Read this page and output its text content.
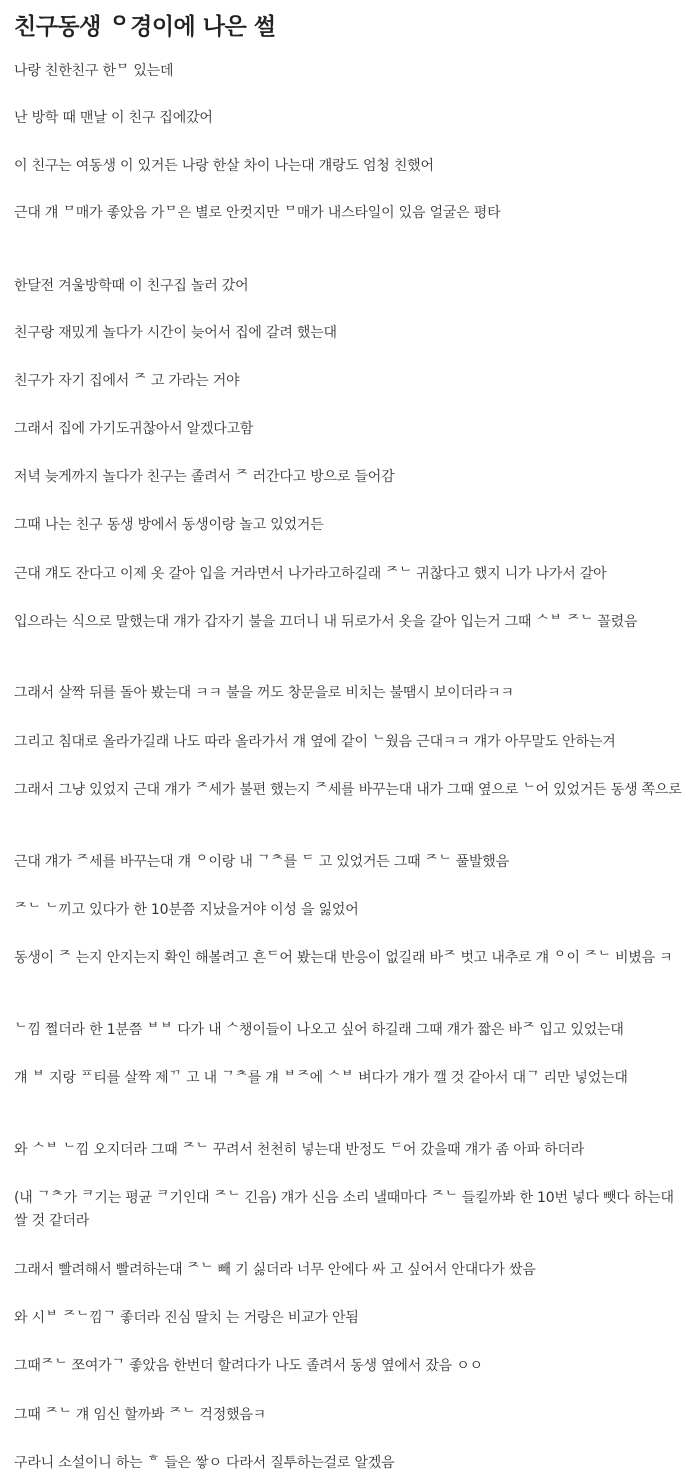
친구동생 ᄋᅠ경이에 나은 썰

나랑 친한친구 한ᄆ 있는데

난 방학 때 맨날 이 친구 집에갔어

이 친구는 여동생 이 있거든 나랑 한살 차이 나는대 걔랑도 엄청 친했어

근대 걔 ᄆ매가 좋았음 가ᄆ은 별로 안컷지만 ᄆ매가 내스타일이 있음 얼굴은 평타

한달전 겨울방학때 이 친구집 놀러 갔어

친구랑 재밌게 놀다가 시간이 늦어서 집에 갈려 했는대

친구가 자기 집에서 ᄌ 고 가라는 거야

그래서 집에 가기도귀찮아서 알겠다고함

저녁 늦게까지 놀다가 친구는 졸려서 ᄌ 러간다고 방으로 들어감

그때 나는 친구 동생 방에서 동생이랑 놀고 있었거든

근대 걔도 잔다고 이제 옷 갈아 입을 거라면서 나가라고하길래 ᄌᄂ 귀찮다고 했지 니가 나가서 갈아

입으라는 식으로 말했는대 걔가 갑자기 불을 끄더니 내 뒤로가서 옷을 갈아 입는거 그때 ᄉᄇ ᄌᄂ 꼴렸음

그래서 살짝 뒤를 돌아 봤는대 ㅋㅋ 불을 꺼도 창문을로 비치는 불땜시 보이더라ㅋㅋ

그리고 침대로 올라가길래 나도 따라 올라가서 걔 옆에 같이 ᄂ웠음 근대ㅋㅋ 걔가 아무말도 안하는겨

그래서 그냥 있었지 근대 걔가 ᄌ세가 불편 했는지 ᄌ세를 바꾸는대 내가 그때 옆으로 ᄂ어 있었거든 동생 쪽으로

근대 걔가 ᄌ세를 바꾸는대 걔 ᄋᅠ이랑 내 ᄀᄎ를 ᄃ 고 있었거든 그때 ᄌᄂ 풀발했음

ᄌᄂ ᄂ끼고 있다가 한 10분쯤 지났을거야 이성 을 잃었어

동생이 ᄌ 는지 안지는지 확인 해볼려고 흔ᄃ어 봤는대 반응이 없길래 바ᄌ 벗고 내추로 걔 ᄋᅠ이 ᄌᄂ 비볐음 ㅋ

ᄂ낌 쩔더라 한 1분쯤 ᄇᄇ 다가 내 ᄉ챙이들이 나오고 싶어 하길래 그때 걔가 짧은 바ᄌ 입고 있었는대

걔 ᄇ 지랑 ᄑ티를 살짝 제ᄁ 고 내 ᄀᄎ를 걔 ᄇᄌ에 ᄉᄇ 벼다가 걔가 깰 것 같아서 대ᄀ 리만 넣었는대

와 ᄉᄇ ᄂ낌 오지더라 그때 ᄌᄂ 꾸려서 천천히 넣는대 반정도 ᄃ어 갔을때 걔가 좀 아파 하더라

(내 ᄀᄎ가 ᄏ기는 평균 ᄏ기인대 ᄌᄂ 긴음) 걔가 신음 소리 낼때마다 ᄌᄂ 들킬까봐 한 10번 넣다 뺏다 하는대 쌀 것 같더라

그래서 빨려해서 빨려하는대 ᄌᄂ 빼 기 싫더라 너무 안에다 싸 고 싶어서 안대다가 쌌음

와 시ᄇ ᄌᄂ낌ᄀ 좋더라 진심 딸치 는 거랑은 비교가 안됨

그때ᄌᄂ 쪼여가ᄀ 좋았음 한번더 할려다가 나도 졸려서 동생 옆에서 잤음 ㅇㅇ

그때 ᄌᄂ 걔 임신 할까봐 ᄌᄂ 걱정했음ㅋ

구라니 소설이니 하는 ᄒ 들은 쌓ㅇ 다라서 질투하는걸로 알겠음
